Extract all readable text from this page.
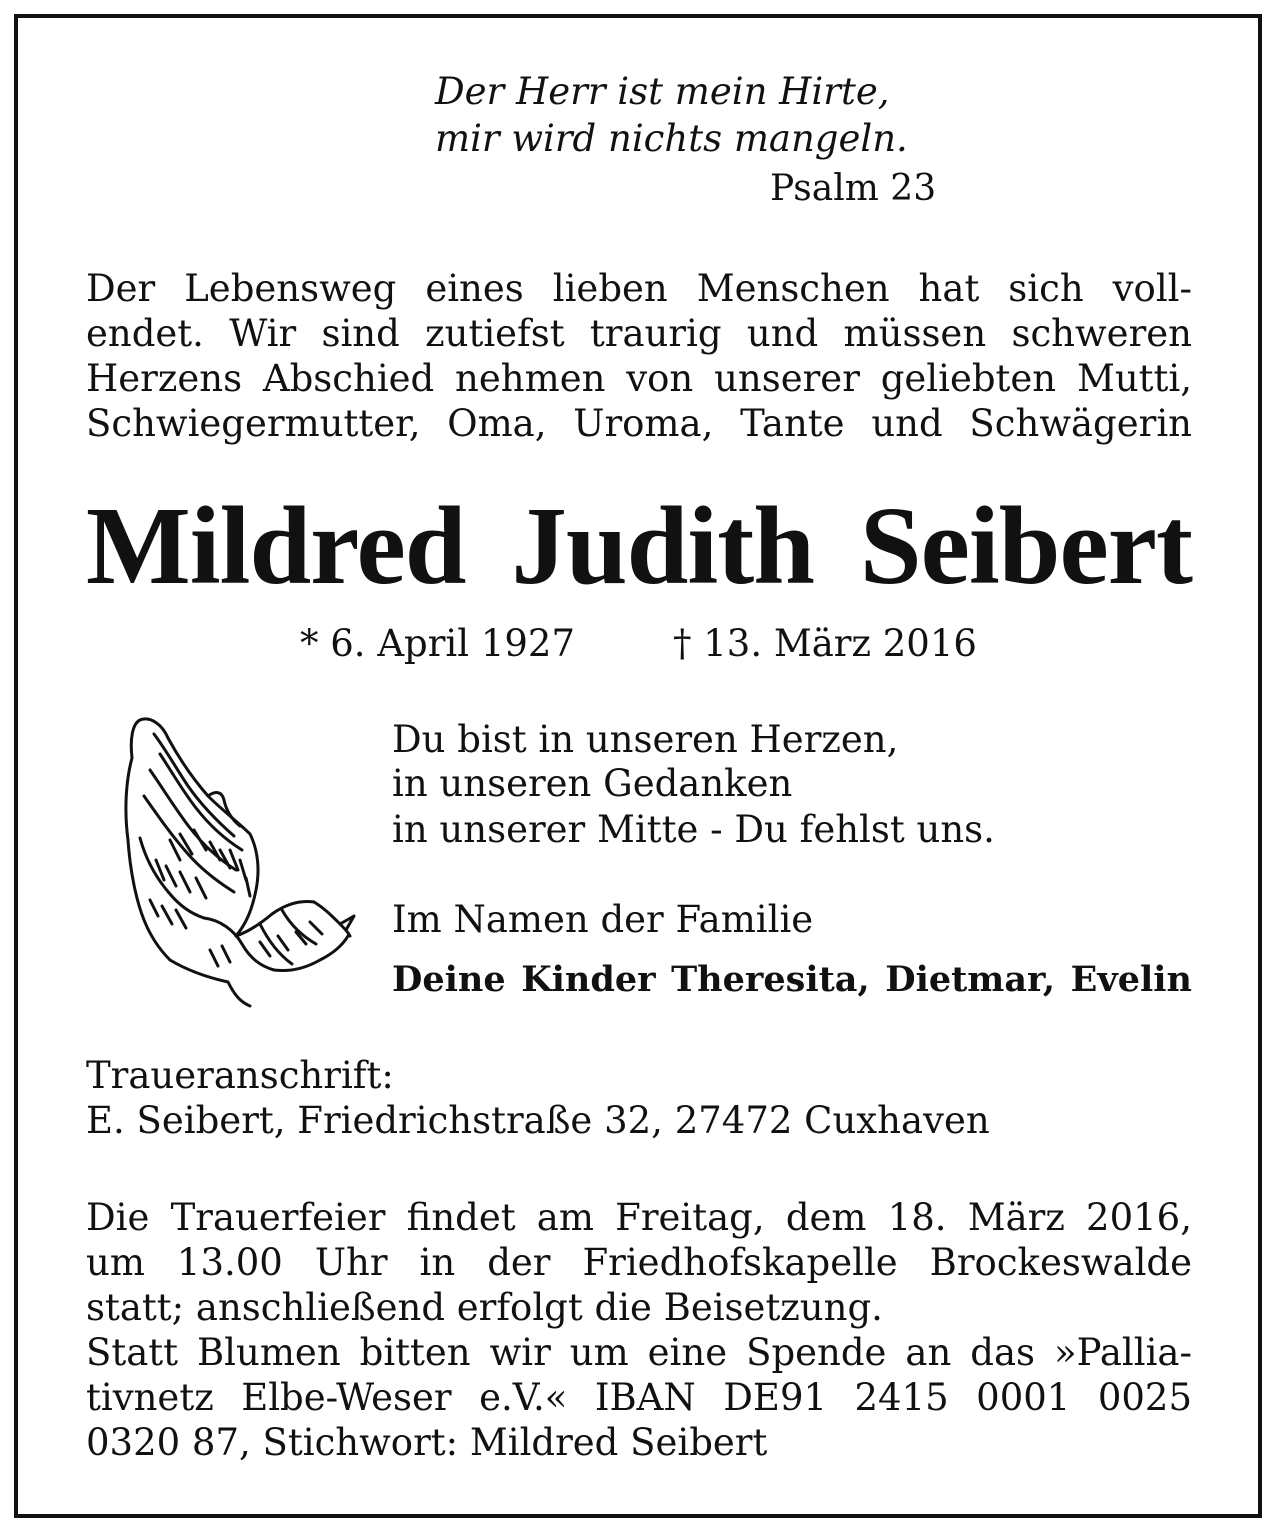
Der Herr ist mein Hirte,
mir wird nichts mangeln.
Psalm 23
Der Lebensweg eines lieben Menschen hat sich voll-
endet. Wir sind zutiefst traurig und müssen schweren
Herzens Abschied nehmen von unserer geliebten Mutti,
Schwiegermutter, Oma, Uroma, Tante und Schwägerin
Mildred Judith Seibert
* 6. April 1927	† 13. März 2016
Du bist in unseren Herzen,
in unseren Gedanken
in unserer Mitte - Du fehlst uns.
Im Namen der Familie
Deine Kinder Theresita, Dietmar, Evelin
Traueranschrift:
E. Seibert, Friedrichstraße 32, 27472 Cuxhaven
Die Trauerfeier findet am Freitag, dem 18. März 2016,
um 13.00 Uhr in der Friedhofskapelle Brockeswalde
statt; anschließend erfolgt die Beisetzung.
Statt Blumen bitten wir um eine Spende an das »Pallia-
tivnetz Elbe-Weser e.V.« IBAN DE91 2415 0001 0025
0320 87, Stichwort: Mildred Seibert
